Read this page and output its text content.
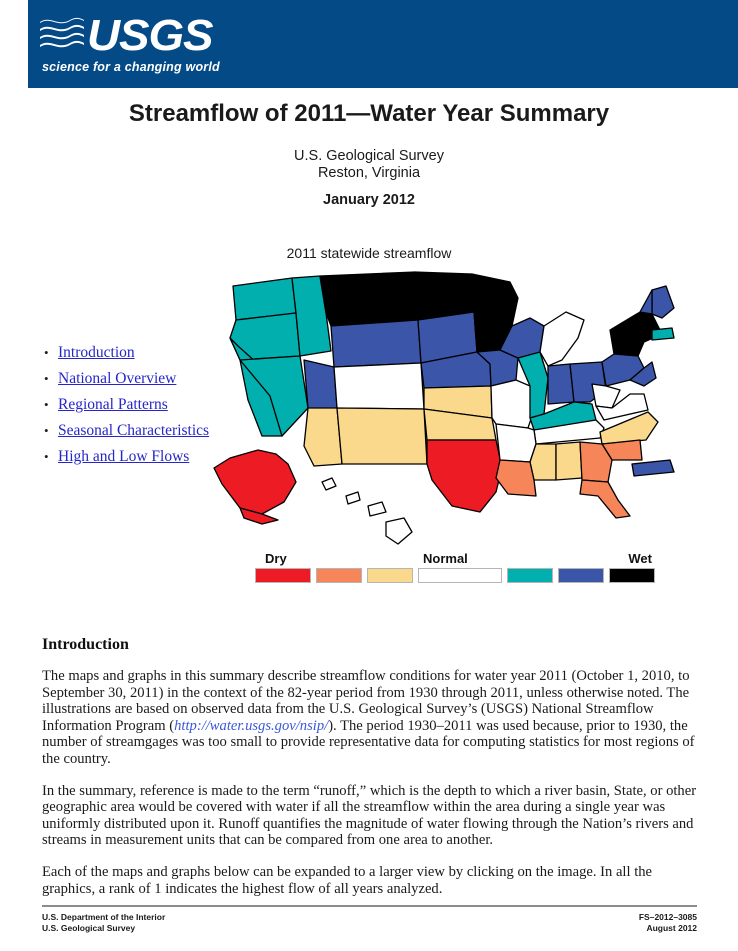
USGS
science for a changing world
Streamflow of 2011—Water Year Summary
U.S. Geological Survey
Reston, Virginia
January 2012
2011 statewide streamflow
• Introduction
• National Overview
• Regional Patterns
• Seasonal Characteristics
• High and Low Flows
Dry	Normal	Wet
Introduction

The maps and graphs in this summary describe streamflow conditions for water year 2011 (October 1, 2010, to September 30, 2011) in the context of the 82-year period from 1930 through 2011, unless otherwise noted. The illustrations are based on observed data from the U.S. Geological Survey’s (USGS) National Streamflow Information Program (http://water.usgs.gov/nsip/). The period 1930–2011 was used because, prior to 1930, the number of streamgages was too small to provide representative data for computing statistics for most regions of the country.

In the summary, reference is made to the term “runoff,” which is the depth to which a river basin, State, or other geographic area would be covered with water if all the streamflow within the area during a single year was uniformly distributed upon it. Runoff quantifies the magnitude of water flowing through the Nation’s rivers and streams in measurement units that can be compared from one area to another.

Each of the maps and graphs below can be expanded to a larger view by clicking on the image. In all the graphics, a rank of 1 indicates the highest flow of all years analyzed.

U.S. Department of the Interior
U.S. Geological Survey
FS–2012–3085
August 2012
